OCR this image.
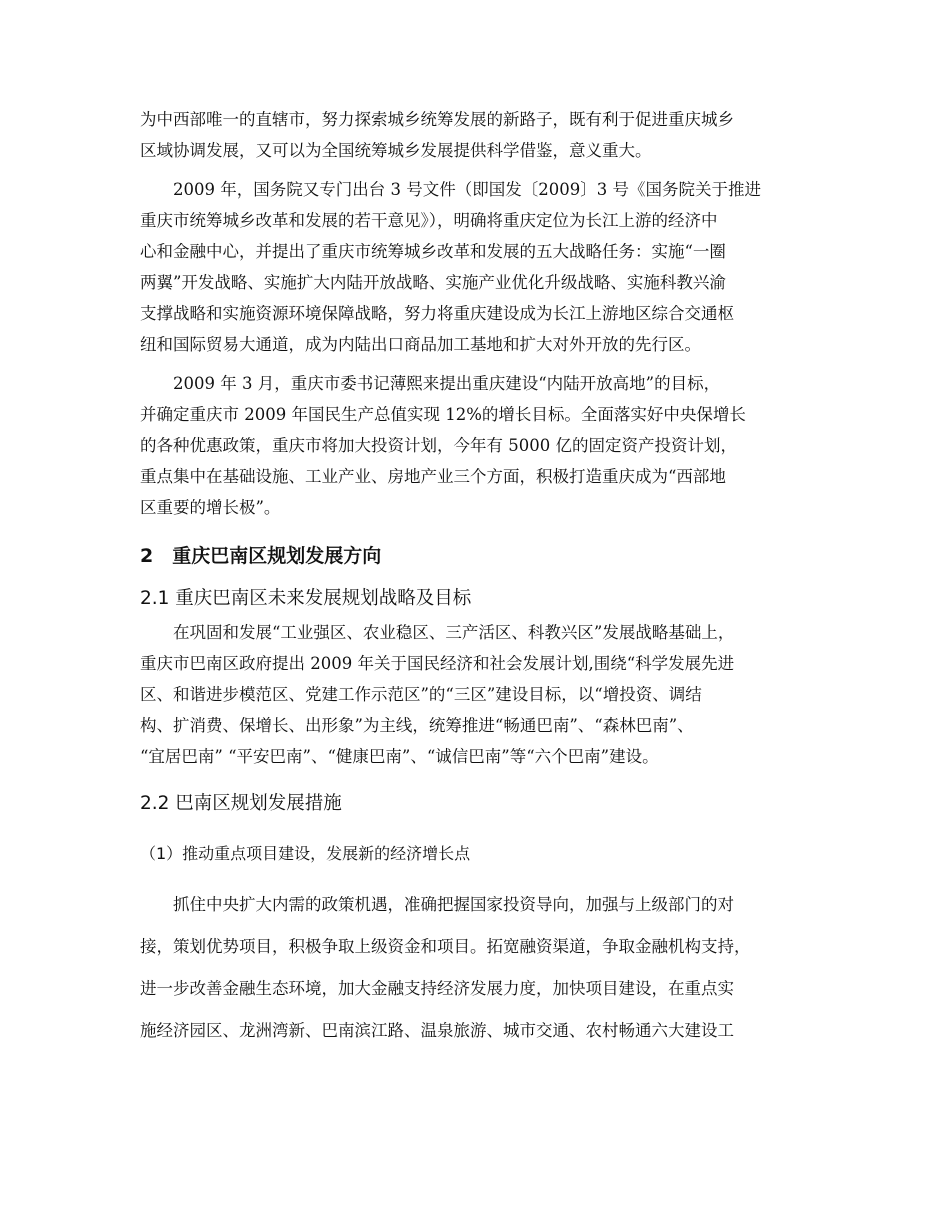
为中西部唯一的直辖市，努力探索城乡统筹发展的新路子，既有利于促进重庆城乡
区域协调发展，又可以为全国统筹城乡发展提供科学借鉴，意义重大。
　　2009 年，国务院又专门出台 3 号文件（即国发〔2009〕3 号《国务院关于推进
重庆市统筹城乡改革和发展的若干意见》），明确将重庆定位为长江上游的经济中
心和金融中心，并提出了重庆市统筹城乡改革和发展的五大战略任务：实施“一圈
两翼”开发战略、实施扩大内陆开放战略、实施产业优化升级战略、实施科教兴渝
支撑战略和实施资源环境保障战略，努力将重庆建设成为长江上游地区综合交通枢
纽和国际贸易大通道，成为内陆出口商品加工基地和扩大对外开放的先行区。
　　2009 年 3 月，重庆市委书记薄熙来提出重庆建设“内陆开放高地”的目标，
并确定重庆市 2009 年国民生产总值实现 12%的增长目标。全面落实好中央保增长
的各种优惠政策，重庆市将加大投资计划，今年有 5000 亿的固定资产投资计划，
重点集中在基础设施、工业产业、房地产业三个方面，积极打造重庆成为“西部地
区重要的增长极”。
2　重庆巴南区规划发展方向
2.1 重庆巴南区未来发展规划战略及目标
　　在巩固和发展“工业强区、农业稳区、三产活区、科教兴区”发展战略基础上，
重庆市巴南区政府提出 2009 年关于国民经济和社会发展计划,围绕“科学发展先进
区、和谐进步模范区、党建工作示范区”的“三区”建设目标，以“增投资、调结
构、扩消费、保增长、出形象”为主线，统筹推进“畅通巴南”、“森林巴南”、
“宜居巴南” “平安巴南”、“健康巴南”、“诚信巴南”等“六个巴南”建设。
2.2 巴南区规划发展措施
（1）推动重点项目建设，发展新的经济增长点
　　抓住中央扩大内需的政策机遇，准确把握国家投资导向，加强与上级部门的对
接，策划优势项目，积极争取上级资金和项目。拓宽融资渠道，争取金融机构支持，
进一步改善金融生态环境，加大金融支持经济发展力度，加快项目建设，在重点实
施经济园区、龙洲湾新、巴南滨江路、温泉旅游、城市交通、农村畅通六大建设工
